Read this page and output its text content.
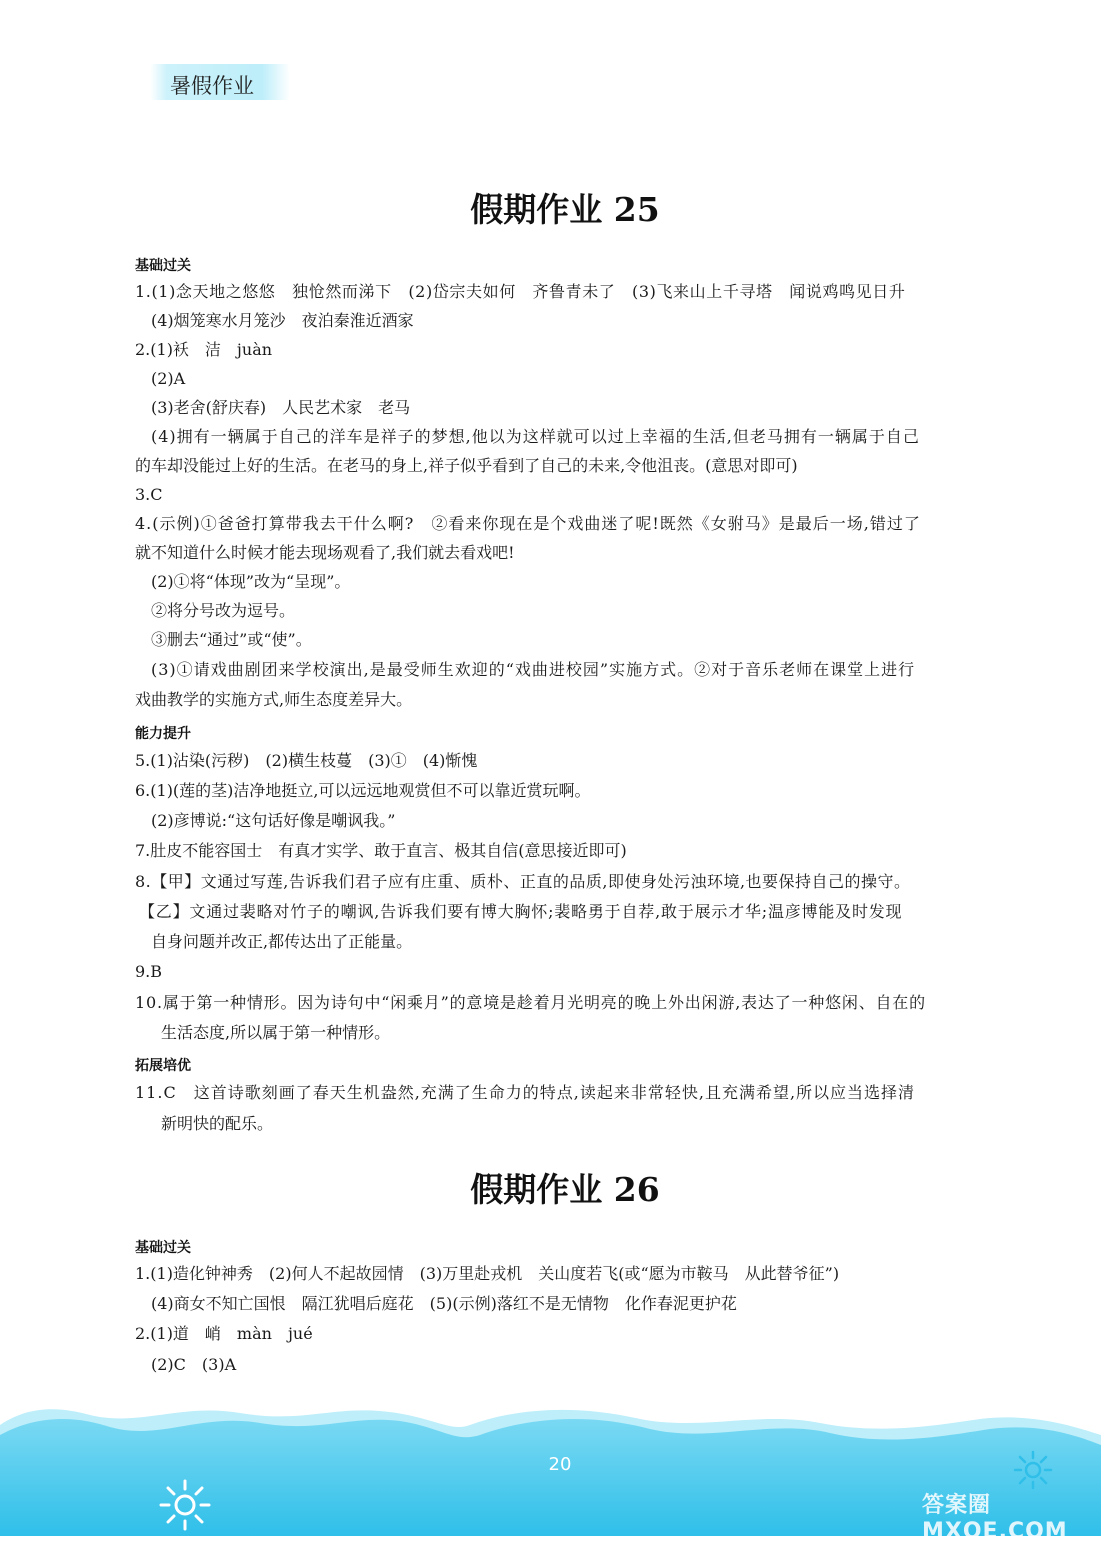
暑假作业
假期作业 25
基础过关
1.(1)念天地之悠悠　独怆然而涕下　(2)岱宗夫如何　齐鲁青未了　(3)飞来山上千寻塔　闻说鸡鸣见日升
(4)烟笼寒水月笼沙　夜泊秦淮近酒家
2.(1)袄　洁　juàn
(2)A
(3)老舍(舒庆春)　人民艺术家　老马
(4)拥有一辆属于自己的洋车是祥子的梦想,他以为这样就可以过上幸福的生活,但老马拥有一辆属于自己
的车却没能过上好的生活。在老马的身上,祥子似乎看到了自己的未来,令他沮丧。(意思对即可)
3.C
4.(示例)①爸爸打算带我去干什么啊?　②看来你现在是个戏曲迷了呢!既然《女驸马》是最后一场,错过了
就不知道什么时候才能去现场观看了,我们就去看戏吧!
(2)①将“体现”改为“呈现”。
②将分号改为逗号。
③删去“通过”或“使”。
(3)①请戏曲剧团来学校演出,是最受师生欢迎的“戏曲进校园”实施方式。②对于音乐老师在课堂上进行
戏曲教学的实施方式,师生态度差异大。
能力提升
5.(1)沾染(污秽)　(2)横生枝蔓　(3)①　(4)惭愧
6.(1)(莲的茎)洁净地挺立,可以远远地观赏但不可以靠近赏玩啊。
(2)彦博说:“这句话好像是嘲讽我。”
7.肚皮不能容国士　有真才实学、敢于直言、极其自信(意思接近即可)
8.【甲】文通过写莲,告诉我们君子应有庄重、质朴、正直的品质,即使身处污浊环境,也要保持自己的操守。
【乙】文通过裴略对竹子的嘲讽,告诉我们要有博大胸怀;裴略勇于自荐,敢于展示才华;温彦博能及时发现
自身问题并改正,都传达出了正能量。
9.B
10.属于第一种情形。因为诗句中“闲乘月”的意境是趁着月光明亮的晚上外出闲游,表达了一种悠闲、自在的
生活态度,所以属于第一种情形。
拓展培优
11.C　这首诗歌刻画了春天生机盎然,充满了生命力的特点,读起来非常轻快,且充满希望,所以应当选择清
新明快的配乐。
假期作业 26
基础过关
1.(1)造化钟神秀　(2)何人不起故园情　(3)万里赴戎机　关山度若飞(或“愿为市鞍马　从此替爷征”)
(4)商女不知亡国恨　隔江犹唱后庭花　(5)(示例)落红不是无情物　化作春泥更护花
2.(1)道　峭　màn　jué
(2)C　(3)A
20
答案圈 MXQE.COM
